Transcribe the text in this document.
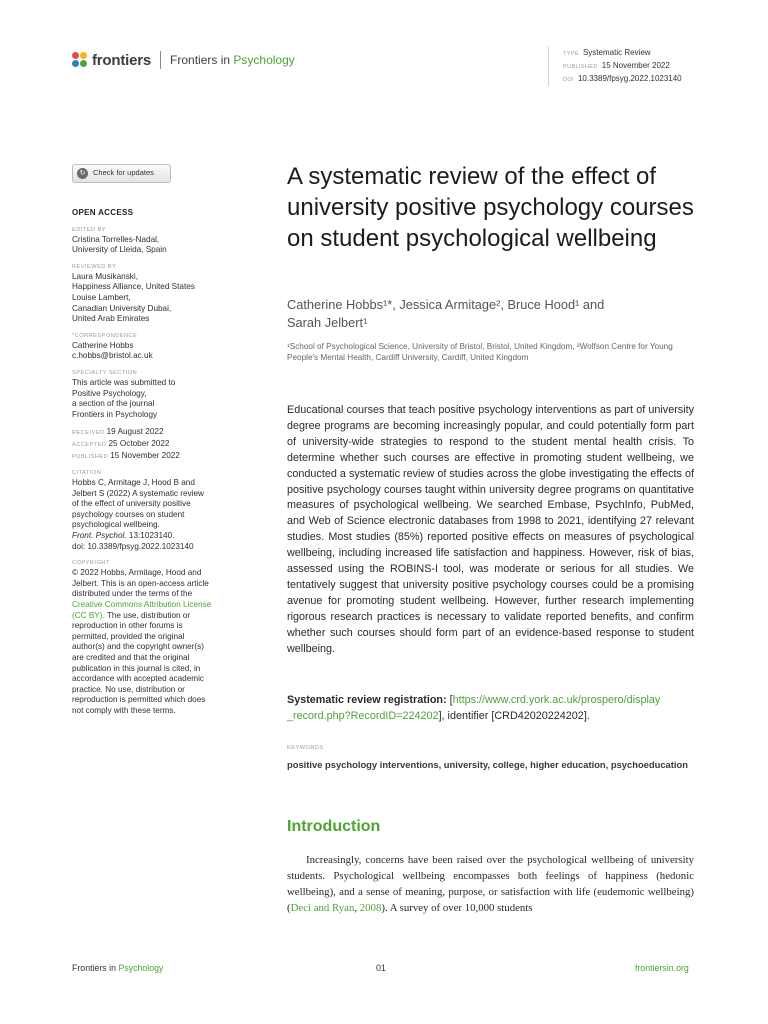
frontiers Frontiers in Psychology	TYPE Systematic Review
PUBLISHED 15 November 2022
DOI 10.3389/fpsyg.2022.1023140
↻	Check for updates
OPEN ACCESS
EDITED BY
Cristina Torrelles-Nadal,
University of Lleida, Spain
REVIEWED BY
Laura Musikanski,
Happiness Alliance, United States
Louise Lambert,
Canadian University Dubai,
United Arab Emirates
*CORRESPONDENCE
Catherine Hobbs
c.hobbs@bristol.ac.uk
SPECIALTY SECTION
This article was submitted to
Positive Psychology,
a section of the journal
Frontiers in Psychology
RECEIVED 19 August 2022
ACCEPTED 25 October 2022
PUBLISHED 15 November 2022
CITATION
Hobbs C, Armitage J, Hood B and
Jelbert S (2022) A systematic review
of the effect of university positive
psychology courses on student
psychological wellbeing.
Front. Psychol. 13:1023140.
doi: 10.3389/fpsyg.2022.1023140
COPYRIGHT
© 2022 Hobbs, Armitage, Hood and
Jelbert. This is an open-access article
distributed under the terms of the
Creative Commons Attribution License
(CC BY). The use, distribution or
reproduction in other forums is
permitted, provided the original
author(s) and the copyright owner(s)
are credited and that the original
publication in this journal is cited, in
accordance with accepted academic
practice. No use, distribution or
reproduction is permitted which does
not comply with these terms.
A systematic review of the effect of university positive psychology courses on student psychological wellbeing
Catherine Hobbs¹*, Jessica Armitage², Bruce Hood¹ and
Sarah Jelbert¹
¹School of Psychological Science, University of Bristol, Bristol, United Kingdom, ²Wolfson Centre for Young People's Mental Health, Cardiff University, Cardiff, United Kingdom

Educational courses that teach positive psychology interventions as part of university degree programs are becoming increasingly popular, and could potentially form part of university-wide strategies to respond to the student mental health crisis. To determine whether such courses are effective in promoting student wellbeing, we conducted a systematic review of studies across the globe investigating the effects of positive psychology courses taught within university degree programs on quantitative measures of psychological wellbeing. We searched Embase, PsychInfo, PubMed, and Web of Science electronic databases from 1998 to 2021, identifying 27 relevant studies. Most studies (85%) reported positive effects on measures of psychological wellbeing, including increased life satisfaction and happiness. However, risk of bias, assessed using the ROBINS-I tool, was moderate or serious for all studies. We tentatively suggest that university positive psychology courses could be a promising avenue for promoting student wellbeing. However, further research implementing rigorous research practices is necessary to validate reported benefits, and confirm whether such courses should form part of an evidence-based response to student wellbeing.

Systematic review registration: [https://www.crd.york.ac.uk/prospero/display
_record.php?RecordID=224202], identifier [CRD42020224202].

KEYWORDS
positive psychology interventions, university, college, higher education, psychoeducation
Introduction

Increasingly, concerns have been raised over the psychological wellbeing of university students. Psychological wellbeing encompasses both feelings of happiness (hedonic wellbeing), and a sense of meaning, purpose, or satisfaction with life (eudemonic wellbeing) (Deci and Ryan, 2008). A survey of over 10,000 students

Frontiers in Psychology	01	frontiersin.org
